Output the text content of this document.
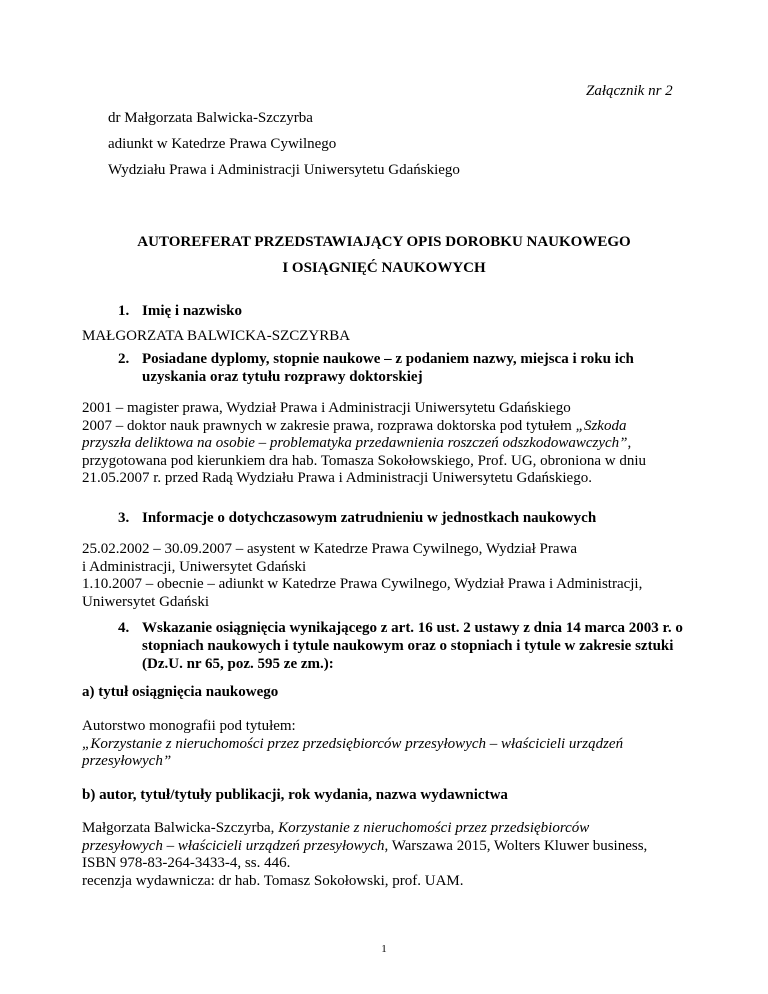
Załącznik nr 2
dr Małgorzata Balwicka-Szczyrba
adiunkt w Katedrze Prawa Cywilnego
Wydziału Prawa i Administracji Uniwersytetu Gdańskiego
AUTOREFERAT PRZEDSTAWIAJĄCY OPIS DOROBKU NAUKOWEGO
I OSIĄGNIĘĆ NAUKOWYCH
1. Imię i nazwisko
MAŁGORZATA BALWICKA-SZCZYRBA
2. Posiadane dyplomy, stopnie naukowe – z podaniem nazwy, miejsca i roku ich
uzyskania oraz tytułu rozprawy doktorskiej
2001 – magister prawa, Wydział Prawa i Administracji Uniwersytetu Gdańskiego
2007 – doktor nauk prawnych w zakresie prawa, rozprawa doktorska pod tytułem „Szkoda
przyszła deliktowa na osobie – problematyka przedawnienia roszczeń odszkodowawczych”,
przygotowana pod kierunkiem dra hab. Tomasza Sokołowskiego, Prof. UG, obroniona w dniu
21.05.2007 r. przed Radą Wydziału Prawa i Administracji Uniwersytetu Gdańskiego.
3. Informacje o dotychczasowym zatrudnieniu w jednostkach naukowych
25.02.2002 – 30.09.2007 – asystent w Katedrze Prawa Cywilnego, Wydział Prawa
i Administracji, Uniwersytet Gdański
1.10.2007 – obecnie – adiunkt w Katedrze Prawa Cywilnego, Wydział Prawa i Administracji,
Uniwersytet Gdański
4. Wskazanie osiągnięcia wynikającego z art. 16 ust. 2 ustawy z dnia 14 marca 2003 r. o
stopniach naukowych i tytule naukowym oraz o stopniach i tytule w zakresie sztuki
(Dz.U. nr 65, poz. 595 ze zm.):
a) tytuł osiągnięcia naukowego
Autorstwo monografii pod tytułem:
„Korzystanie z nieruchomości przez przedsiębiorców przesyłowych – właścicieli urządzeń
przesyłowych”
b) autor, tytuł/tytuły publikacji, rok wydania, nazwa wydawnictwa
Małgorzata Balwicka-Szczyrba, Korzystanie z nieruchomości przez przedsiębiorców
przesyłowych – właścicieli urządzeń przesyłowych, Warszawa 2015, Wolters Kluwer business,
ISBN 978-83-264-3433-4, ss. 446.
recenzja wydawnicza: dr hab. Tomasz Sokołowski, prof. UAM.
1
